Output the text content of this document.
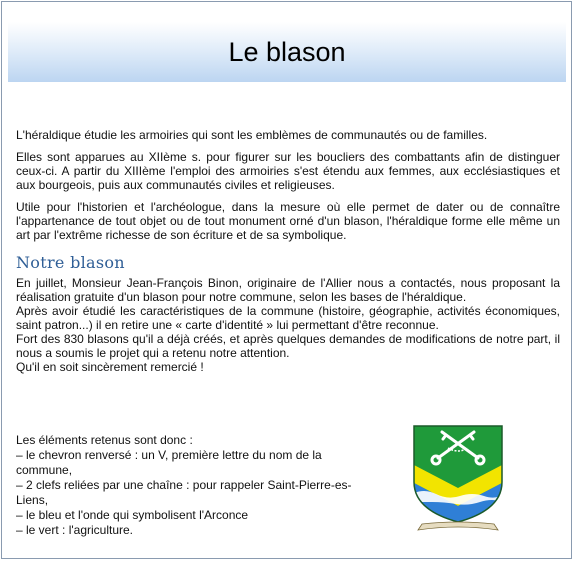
Le blason

L'héraldique étudie les armoiries qui sont les emblèmes de communautés ou de familles.

Elles sont apparues au XIIème s. pour figurer sur les boucliers des combattants afin de distinguer ceux-ci. A partir du XIIIème l'emploi des armoiries s'est étendu aux femmes, aux ecclésiastiques et aux bourgeois, puis aux communautés civiles et religieuses.

Utile pour l'historien et l'archéologue, dans la mesure où elle permet de dater ou de connaître l'appartenance de tout objet ou de tout monument orné d'un blason, l'héraldique forme elle même un art par l'extrême richesse de son écriture et de sa symbolique.

Notre blason

En juillet, Monsieur Jean-François Binon, originaire de l'Allier nous a contactés, nous proposant la réalisation gratuite d'un blason pour notre commune, selon les bases de l'héraldique.

Après avoir étudié les caractéristiques de la commune (histoire, géographie, activités économiques, saint patron...) il en retire une « carte d'identité » lui permettant d'être reconnue.

Fort des 830 blasons qu'il a déjà créés, et après quelques demandes de modifications de notre part, il nous a soumis le projet qui a retenu notre attention.

Qu'il en soit sincèrement remercié !

Les éléments retenus sont donc :

– le chevron renversé : un V, première lettre du nom de la commune,

– 2 clefs reliées par une chaîne : pour rappeler Saint-Pierre-es-Liens,

– le bleu et l'onde qui symbolisent l'Arconce

– le vert : l'agriculture.
